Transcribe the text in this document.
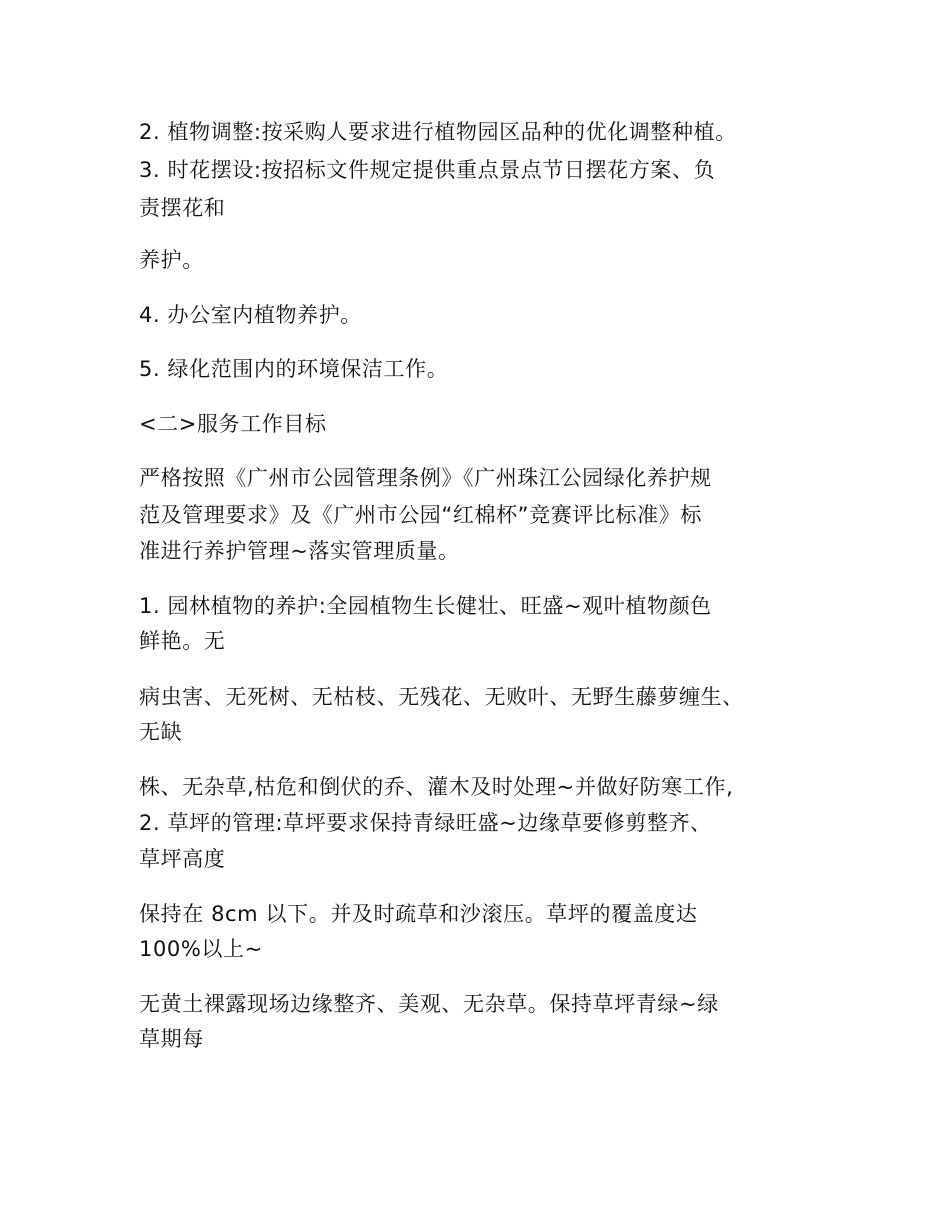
2. 植物调整:按采购人要求进行植物园区品种的优化调整种植。
3. 时花摆设:按招标文件规定提供重点景点节日摆花方案、负
责摆花和
养护。
4. 办公室内植物养护。
5. 绿化范围内的环境保洁工作。
<二>服务工作目标
严格按照《广州市公园管理条例》《广州珠江公园绿化养护规
范及管理要求》及《广州市公园“红棉杯”竞赛评比标准》标
准进行养护管理~落实管理质量。
1. 园林植物的养护:全园植物生长健壮、旺盛~观叶植物颜色
鲜艳。无
病虫害、无死树、无枯枝、无残花、无败叶、无野生藤萝缠生、
无缺
株、无杂草,枯危和倒伏的乔、灌木及时处理~并做好防寒工作,
2. 草坪的管理:草坪要求保持青绿旺盛~边缘草要修剪整齐、
草坪高度
保持在 8cm 以下。并及时疏草和沙滚压。草坪的覆盖度达
100%以上~
无黄土裸露现场边缘整齐、美观、无杂草。保持草坪青绿~绿
草期每
